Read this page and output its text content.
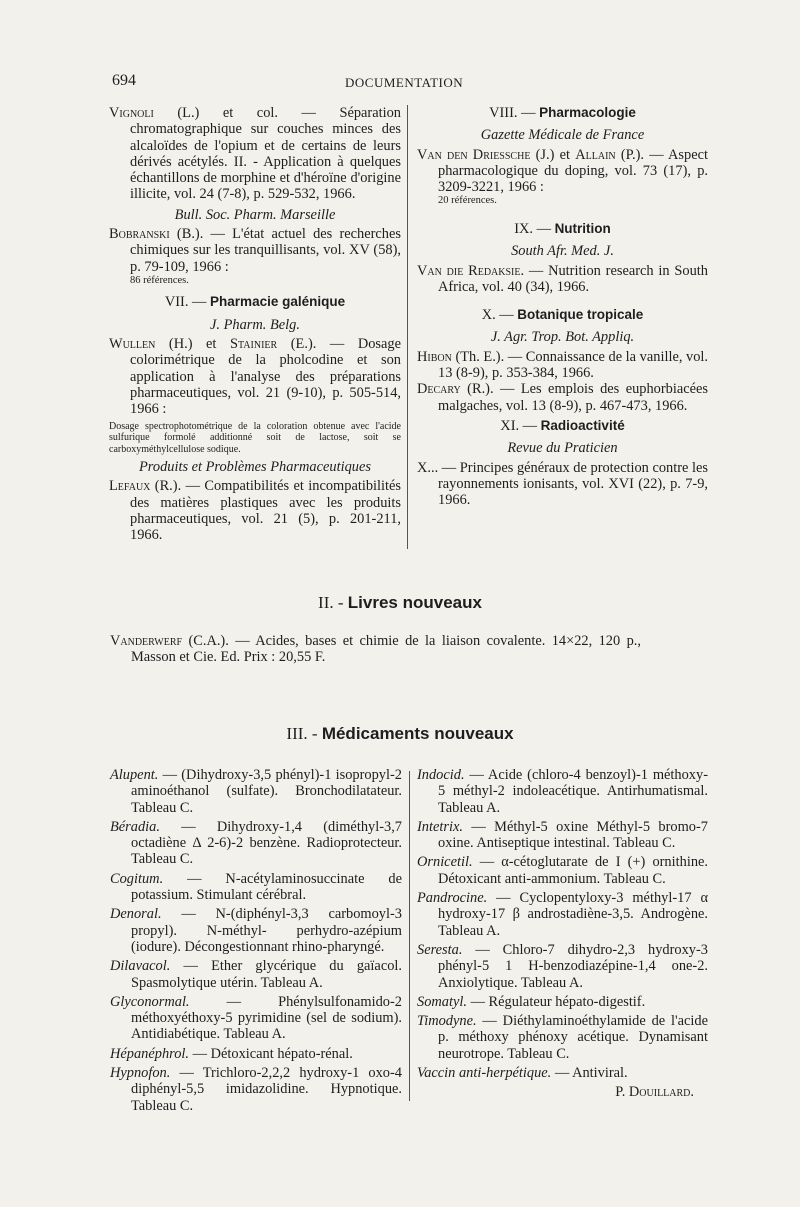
694	DOCUMENTATION
Vignoli (L.) et col. — Séparation chromatographique sur couches minces des alcaloïdes de l'opium et de certains de leurs dérivés acétylés. II. - Application à quelques échantillons de morphine et d'héroïne d'origine illicite, vol. 24 (7-8), p. 529-532, 1966.
Bull. Soc. Pharm. Marseille
Bobranski (B.). — L'état actuel des recherches chimiques sur les tranquillisants, vol. XV (58), p. 79-109, 1966 :
86 références.
VII. — Pharmacie galénique
J. Pharm. Belg.
Wullen (H.) et Stainier (E.). — Dosage colorimétrique de la pholcodine et son application à l'analyse des préparations pharmaceutiques, vol. 21 (9-10), p. 505-514, 1966 :
Dosage spectrophotométrique de la coloration obtenue avec l'acide sulfurique formolé additionné soit de lactose, soit se carboxyméthylcellulose sodique.
Produits et Problèmes Pharmaceutiques
Lefaux (R.). — Compatibilités et incompatibilités des matières plastiques avec les produits pharmaceutiques, vol. 21 (5), p. 201-211, 1966.
VIII. — Pharmacologie
Gazette Médicale de France
Van den Driessche (J.) et Allain (P.). — Aspect pharmacologique du doping, vol. 73 (17), p. 3209-3221, 1966 :
20 références.
IX. — Nutrition
South Afr. Med. J.
Van die Redaksie. — Nutrition research in South Africa, vol. 40 (34), 1966.
X. — Botanique tropicale
J. Agr. Trop. Bot. Appliq.
Hibon (Th. E.). — Connaissance de la vanille, vol. 13 (8-9), p. 353-384, 1966.
Decary (R.). — Les emplois des euphorbiacées malgaches, vol. 13 (8-9), p. 467-473, 1966.
XI. — Radioactivité
Revue du Praticien
X... — Principes généraux de protection contre les rayonnements ionisants, vol. XVI (22), p. 7-9, 1966.
II. - Livres nouveaux
Vanderwerf (C.A.). — Acides, bases et chimie de la liaison covalente. 14×22, 120 p., Masson et Cie. Ed. Prix : 20,55 F.
III. - Médicaments nouveaux
Alupent. — (Dihydroxy-3,5 phényl)-1 isopropyl-2 aminoéthanol (sulfate). Bronchodilatateur. Tableau C.
Béradia. — Dihydroxy-1,4 (diméthyl-3,7 octadiène Δ 2-6)-2 benzène. Radioprotecteur. Tableau C.
Cogitum. — N-acétylaminosuccinate de potassium. Stimulant cérébral.
Denoral. — N-(diphényl-3,3 carbomoyl-3 propyl). N-méthyl- perhydro-azépium (iodure). Décongestionnant rhino-pharyngé.
Dilavacol. — Ether glycérique du gaïacol. Spasmolytique utérin. Tableau A.
Glyconormal. — Phénylsulfonamido-2 méthoxyéthoxy-5 pyrimidine (sel de sodium). Antidiabétique. Tableau A.
Hépanéphrol. — Détoxicant hépato-rénal.
Hypnofon. — Trichloro-2,2,2 hydroxy-1 oxo-4 diphényl-5,5 imidazolidine. Hypnotique. Tableau C.
Indocid. — Acide (chloro-4 benzoyl)-1 méthoxy-5 méthyl-2 indoleacétique. Antirhumatismal. Tableau A.
Intetrix. — Méthyl-5 oxine Méthyl-5 bromo-7 oxine. Antiseptique intestinal. Tableau C.
Ornicetil. — α-cétoglutarate de I (+) ornithine. Détoxicant anti-ammonium. Tableau C.
Pandrocine. — Cyclopentyloxy-3 méthyl-17 α hydroxy-17 β androstadiène-3,5. Androgène. Tableau A.
Seresta. — Chloro-7 dihydro-2,3 hydroxy-3 phényl-5 1 H-benzodiazépine-1,4 one-2. Anxiolytique. Tableau A.
Somatyl. — Régulateur hépato-digestif.
Timodyne. — Diéthylaminoéthylamide de l'acide p. méthoxy phénoxy acétique. Dynamisant neurotrope. Tableau C.
Vaccin anti-herpétique. — Antiviral.
P. Douillard.
